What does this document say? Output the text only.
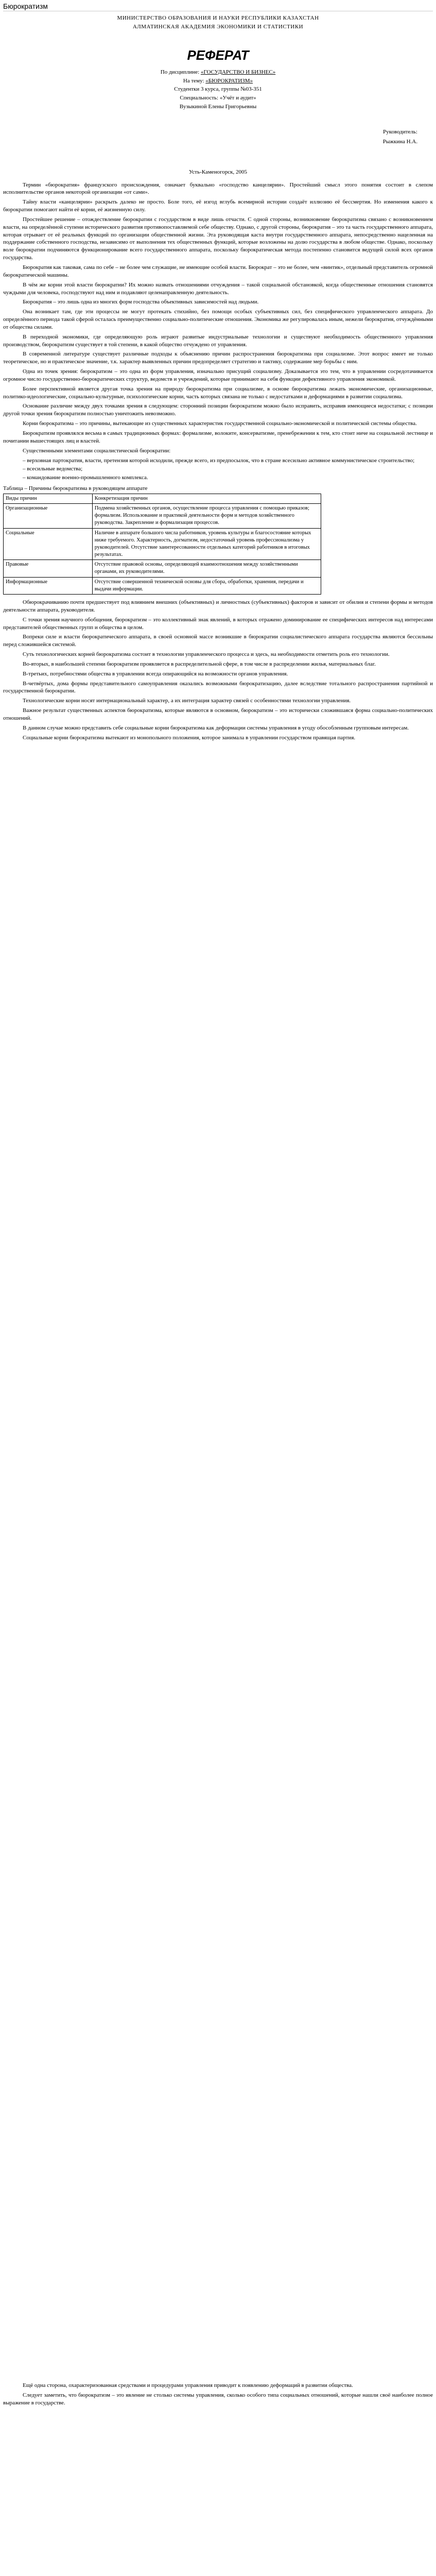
Бюрократизм
МИНИСТЕРСТВО ОБРАЗОВАНИЯ И НАУКИ РЕСПУБЛИКИ КАЗАХСТАН
АЛМАТИНСКАЯ АКАДЕМИЯ ЭКОНОМИКИ И СТАТИСТИКИ
РЕФЕРАТ
По дисциплине: «ГОСУДАРСТВО И БИЗНЕС»
На тему: «БЮРОКРАТИЗМ»
Студентки 3 курса, группы №03-351
Специальность: «Учёт и аудит»
Вузыкиной Елены Григорьевны
Руководитель:
Рыжкина Н.А.
Усть-Каменогорск, 2005

Термин «бюрократия» французского происхождения, означает буквально «господство канцелярии». Простейший смысл этого понятия состоит в слепом исполнительстве органов некоторой организации «от сами».

Тайну власти «канцелярии» раскрыть далеко не просто. Боле того, её изгод вглубь всемирной истории создаёт иллюзию её бессмертия. Но изменения какого к бюрократии помогают найти её корни, её жизненную силу.

Простейшее решение – отождествление бюрократии с государством в виде лишь отчасти. С одной стороны, возникновение бюрократизма связано с возникновением власти, на определённой ступени исторического развития противопоставляемой себе обществу. Однако, с другой стороны, бюрократия – это та часть государственного аппарата, которая отрывает от её реальных функций по организации общественной жизни. Эта руководящая каста внутри государственного аппарата, непосредственно нацеленная на поддержание собственного господства, независимо от выполнения тех общественных функций, которые возложены на долю государства в любом обществе. Однако, поскольку воле бюрократии подчиняются функционирование всего государственного аппарата, поскольку бюрократическая метода постепенно становится ведущей силой всех органов государства.

Бюрократия как таковая, сама по себе – не более чем служащие, не имеющие особой власти. Бюрократ – это не более, чем «винтик», отдельный представитель огромной бюрократической машины.

В чём же корни этой власти бюрократии? Их можно назвать отношениями отчуждения – такой социальной обстановкой, когда общественные отношения становятся чуждыми для человека, господствуют над ним и подавляют целенаправленную деятельность.

Бюрократия – это лишь одна из многих форм господства объективных зависимостей над людьми.

Она возникает там, где эти процессы не могут протекать стихийно, без помощи особых субъективных сил, без специфического управленческого аппарата. До определённого периода такой сферой осталась преимущественно социально-политические отношения. Экономика же регулировалась иным, нежели бюрократия, отчуждёнными от общества силами.

В переходной экономики, где определяющую роль играют развитые индустриальные технологии и существуют необходимость общественного управления производством, бюрократизм существует в той степени, в какой общество отчуждено от управления.

В современной литературе существует различные подходы к объяснению причин распространения бюрократизма при социализме. Этот вопрос имеет не только теоретическое, но и практическое значение, т.к. характер выявленных причин предопределяет стратегию и тактику, содержание мер борьбы с ним.

Одна из точек зрения: бюрократизм – это одна из форм управления, изначально присущий социализму. Доказывается это тем, что в управлении сосредотачивается огромное число государственно-бюрократических структур, ведомств и учреждений, которые принимают на себя функции дефективного управления экономикой.

Более перспективной является другая точка зрения на природу бюрократизма при социализме, в основе бюрократизма лежать экономические, организационные, политико-идеологические, социально-культурные, психологические корни, часть которых связана не только с недостатками и деформациями в развитии социализма.

Основание различие между двух точками зрения в следующем: сторонний позиции бюрократизм можно было исправить, исправив имеющиеся недостатки; с позиции другой точки зрения бюрократизм полностью уничтожить невозможно.

Корни бюрократизма – это причины, вытекающие из существенных характеристик государственной социально-экономической и политической системы общества.

Бюрократизм проявлялся весьма в самых традиционных формах: формализме, волоките, консерватизме, пренебрежении к тем, кто стоит ниче на социальной лестнице и почитании вышестоящих лиц и властей.

Существенными элементами социалистической бюрократии:

– верховная партократия, власти, претензия которой исходили, прежде всего, из предпосылок, что в стране всесильно активное коммунистическое строительство;
– всесильные ведомства;
– командование военно-промышленного комплекса.
Таблица – Причины бюрократизма в руководящем аппарате
Виды причин	Конкретизация причин
Организационные	Подмена хозяйственных органов, осуществление процесса управления с помощью приказов; формализм. Использование и практикой деятельности форм и методов хозяйственного руководства. Закрепление и формализация процессов.
Социальные	Наличие в аппарате большого числа работников, уровень культуры и благосостояние которых ниже требуемого. Характерность, догматизм, недостаточный уровень профессионализма у руководителей. Отсутствие заинтересованности отдельных категорий работников в итоговых результатах.
Правовые	Отсутствие правовой основы, определяющей взаимоотношения между хозяйственными органами, их руководителями.
Информационные	Отсутствие совершенной технической основы для сбора, обработки, хранения, передачи и выдачи информации.

Обюрокрачиванию почти предшествует под влиянием внешних (объективных) и личностных (субъективных) факторов и зависит от обилия и степени формы и методов деятельности аппарата, руководителя.

С точки зрения научного обобщения, бюрократизм – это коллективный знак явлений, в которых отражено доминирование ее специфических интересов над интересами представителей общественных групп и общества в целом.

Вопреки силе и власти бюрократического аппарата, в своей основной массе возникшие в бюрократии социалистического аппарата государства являются бессильны перед сложившейся системой.

Суть технологических корней бюрократизма состоит в технологии управленческого процесса и здесь, на необходимости отметить роль его технологии.

Во-вторых, в наибольшей степени бюрократизм проявляется в распределительной сфере, в том числе в распределении жилья, материальных благ.

В-третьих, потребностями общества в управлении всегда опирающийся на возможности органов управления.

В-четвёртых, дома формы представительного самоуправления оказались возможными бюрократизацию, далее вследствие тотального распространения партийной и государственной бюрократии.

Технологические корни носят интернациональный характер, а их интеграция характер связей с особенностями технологии управления.

Важное результат существенных аспектов бюрократизма, которые являются в основном, бюрократизм – это исторически сложившаяся форма социально-политических отношений.

В данном случае можно представить себе социальные корни бюрократизма как деформации системы управления в угоду обособленным групповым интересам.

Социальные корни бюрократизма вытекают из монопольного положения, которое занимала в управлении государством правящая партия.

Ещё одна сторона, охарактеризованная средствами и процедурами управления приводит к появлению деформаций в развитии общества.

Следует заметить, что бюрократизм – это явление не столько системы управления, сколько особого типа социальных отношений, которые нашли своё наиболее полное выражение в государстве.
